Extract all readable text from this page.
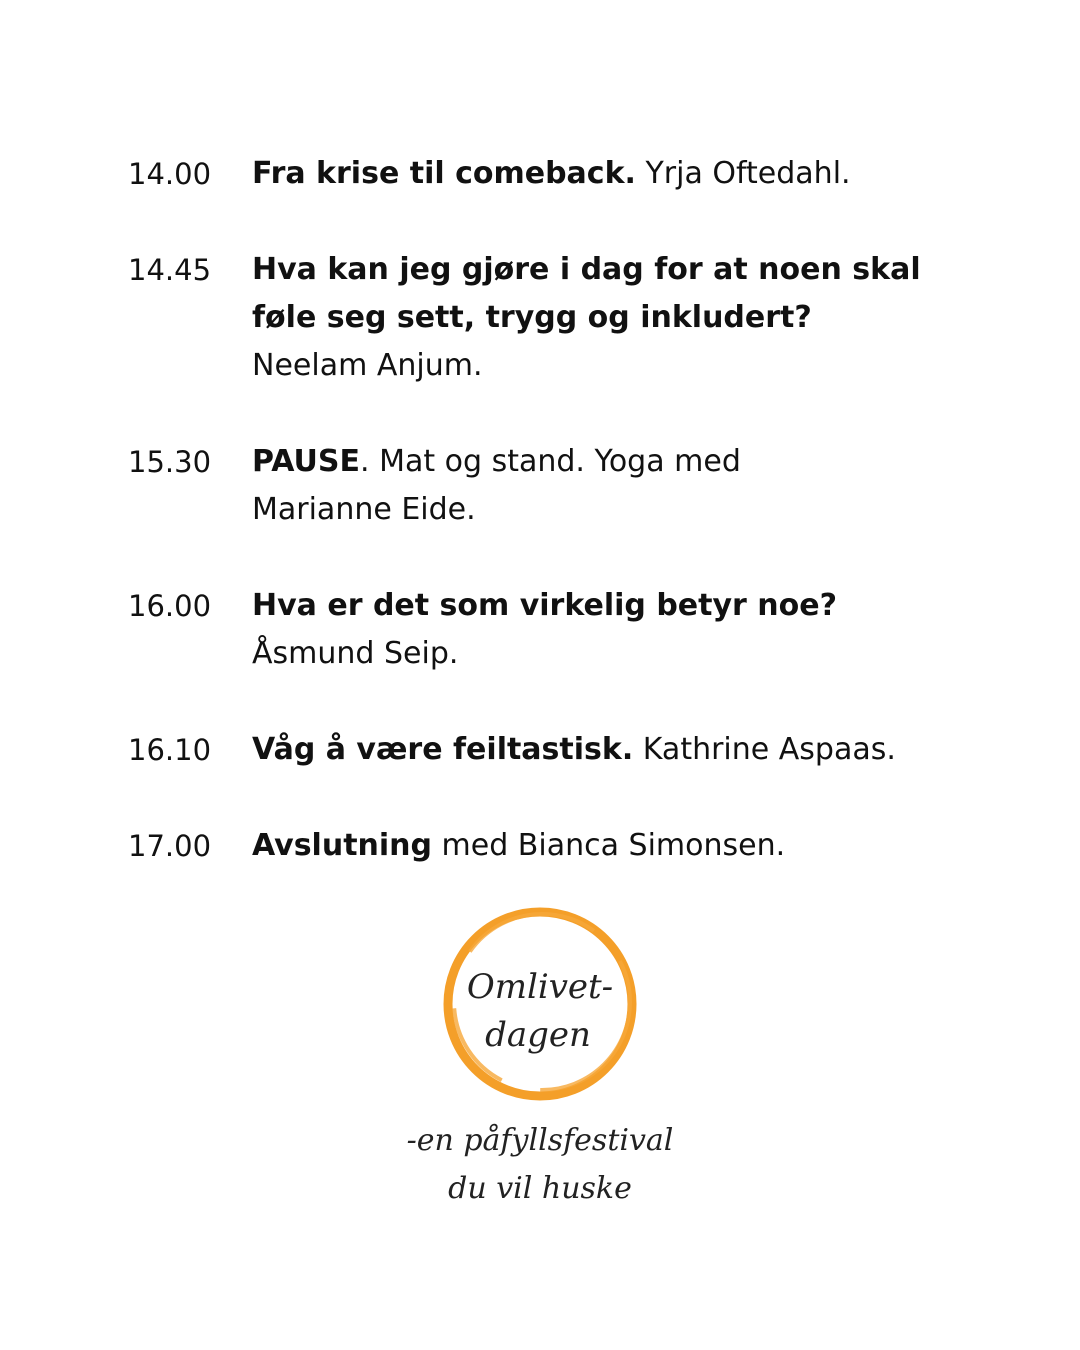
14.00 Fra krise til comeback. Yrja Oftedahl.
14.45 Hva kan jeg gjøre i dag for at noen skal
føle seg sett, trygg og inkludert?
Neelam Anjum.
15.30 PAUSE. Mat og stand. Yoga med
Marianne Eide.
16.00 Hva er det som virkelig betyr noe?
Åsmund Seip.
16.10 Våg å være feiltastisk. Kathrine Aspaas.
17.00 Avslutning med Bianca Simonsen.
Omlivet-
dagen
-en påfyllsfestival
du vil huske
